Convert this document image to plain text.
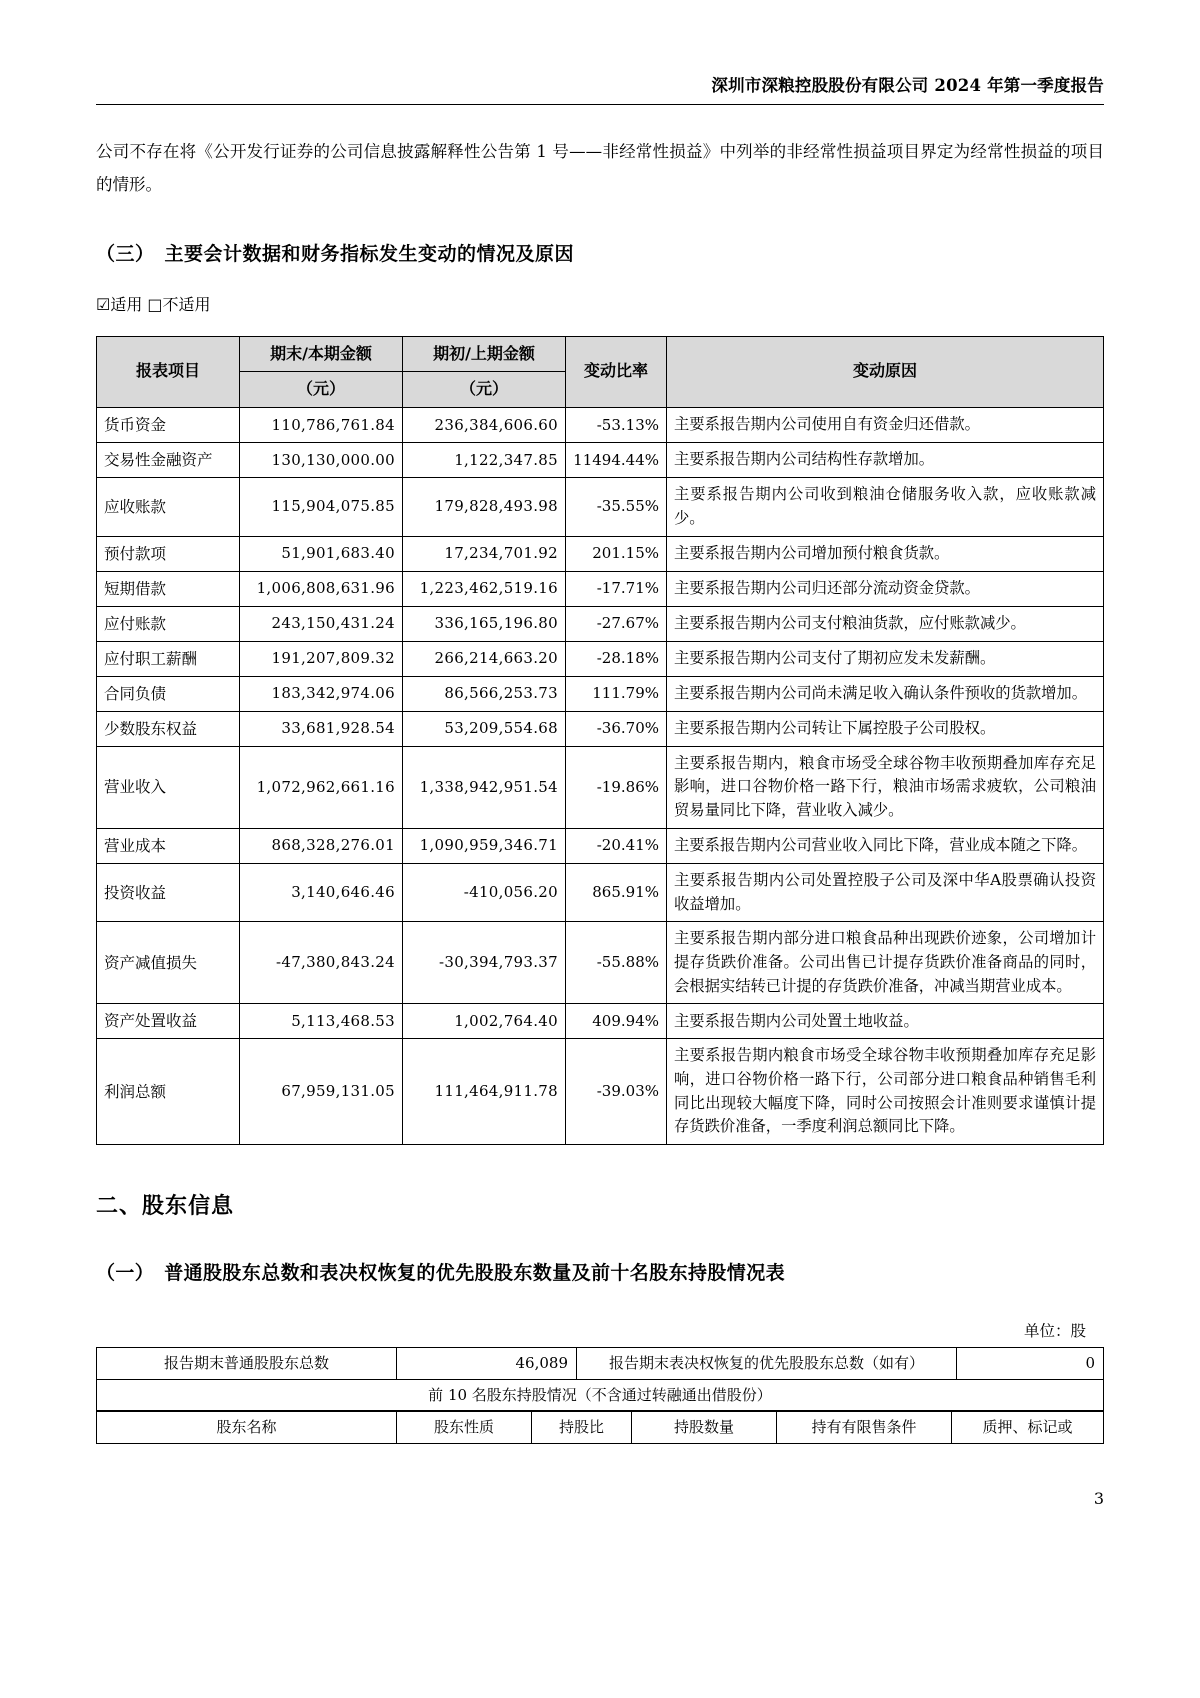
深圳市深粮控股股份有限公司 2024 年第一季度报告

公司不存在将《公开发行证券的公司信息披露解释性公告第 1 号——非经常性损益》中列举的非经常性损益项目界定为经常性损益的项目的情形。

（三） 主要会计数据和财务指标发生变动的情况及原因
☑适用 □不适用
报表项目	期末/本期金额	期初/上期金额	变动比率	变动原因
	（元）	（元）		
货币资金	110,786,761.84	236,384,606.60	-53.13%	主要系报告期内公司使用自有资金归还借款。
交易性金融资产	130,130,000.00	1,122,347.85	11494.44%	主要系报告期内公司结构性存款增加。
应收账款	115,904,075.85	179,828,493.98	-35.55%	主要系报告期内公司收到粮油仓储服务收入款，应收账款减少。
预付款项	51,901,683.40	17,234,701.92	201.15%	主要系报告期内公司增加预付粮食货款。
短期借款	1,006,808,631.96	1,223,462,519.16	-17.71%	主要系报告期内公司归还部分流动资金贷款。
应付账款	243,150,431.24	336,165,196.80	-27.67%	主要系报告期内公司支付粮油货款，应付账款减少。
应付职工薪酬	191,207,809.32	266,214,663.20	-28.18%	主要系报告期内公司支付了期初应发未发薪酬。
合同负债	183,342,974.06	86,566,253.73	111.79%	主要系报告期内公司尚未满足收入确认条件预收的货款增加。
少数股东权益	33,681,928.54	53,209,554.68	-36.70%	主要系报告期内公司转让下属控股子公司股权。
营业收入	1,072,962,661.16	1,338,942,951.54	-19.86%	主要系报告期内，粮食市场受全球谷物丰收预期叠加库存充足影响，进口谷物价格一路下行，粮油市场需求疲软，公司粮油贸易量同比下降，营业收入减少。
营业成本	868,328,276.01	1,090,959,346.71	-20.41%	主要系报告期内公司营业收入同比下降，营业成本随之下降。
投资收益	3,140,646.46	-410,056.20	865.91%	主要系报告期内公司处置控股子公司及深中华A股票确认投资收益增加。
资产减值损失	-47,380,843.24	-30,394,793.37	-55.88%	主要系报告期内部分进口粮食品种出现跌价迹象，公司增加计提存货跌价准备。公司出售已计提存货跌价准备商品的同时，会根据实结转已计提的存货跌价准备，冲减当期营业成本。
资产处置收益	5,113,468.53	1,002,764.40	409.94%	主要系报告期内公司处置土地收益。
利润总额	67,959,131.05	111,464,911.78	-39.03%	主要系报告期内粮食市场受全球谷物丰收预期叠加库存充足影响，进口谷物价格一路下行，公司部分进口粮食品种销售毛利同比出现较大幅度下降，同时公司按照会计准则要求谨慎计提存货跌价准备，一季度利润总额同比下降。
二、股东信息
（一） 普通股股东总数和表决权恢复的优先股股东数量及前十名股东持股情况表
单位：股
报告期末普通股股东总数	46,089	报告期末表决权恢复的优先股股东总数（如有）	0
前 10 名股东持股情况（不含通过转融通出借股份）
股东名称	股东性质	持股比	持股数量	持有有限售条件	质押、标记或
3
